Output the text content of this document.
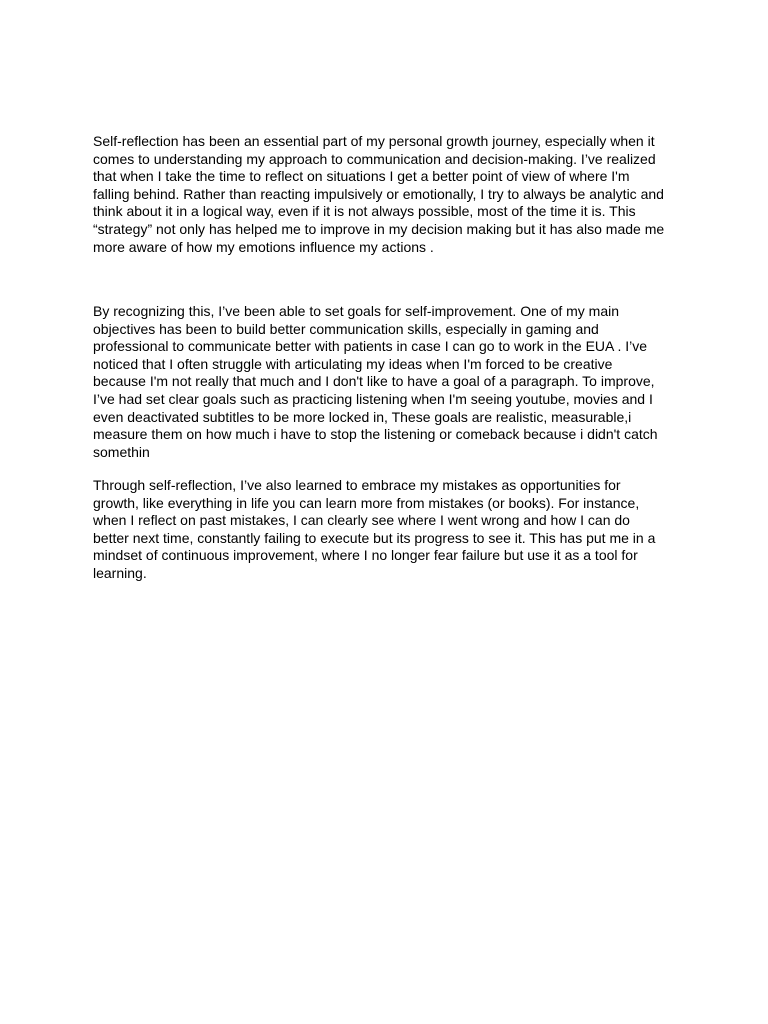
Self-reflection has been an essential part of my personal growth journey, especially when it
comes to understanding my approach to communication and decision-making. I’ve realized
that when I take the time to reflect on situations I get a better point of view of where I'm
falling behind. Rather than reacting impulsively or emotionally, I try to always be analytic and
think about it in a logical way, even if it is not always possible, most of the time it is. This
“strategy” not only has helped me to improve in my decision making but it has also made me
more aware of how my emotions influence my actions .

By recognizing this, I’ve been able to set goals for self-improvement. One of my main
objectives has been to build better communication skills, especially in gaming and
professional to communicate better with patients in case I can go to work in the EUA . I’ve
noticed that I often struggle with articulating my ideas when I'm forced to be creative
because I'm not really that much and I don't like to have a goal of a paragraph. To improve,
I’ve had set clear goals such as practicing listening when I'm seeing youtube, movies and I
even deactivated subtitles to be more locked in, These goals are realistic, measurable,i
measure them on how much i have to stop the listening or comeback because i didn't catch
somethin

Through self-reflection, I’ve also learned to embrace my mistakes as opportunities for
growth, like everything in life you can learn more from mistakes (or books). For instance,
when I reflect on past mistakes, I can clearly see where I went wrong and how I can do
better next time, constantly failing to execute but its progress to see it. This has put me in a
mindset of continuous improvement, where I no longer fear failure but use it as a tool for
learning.
